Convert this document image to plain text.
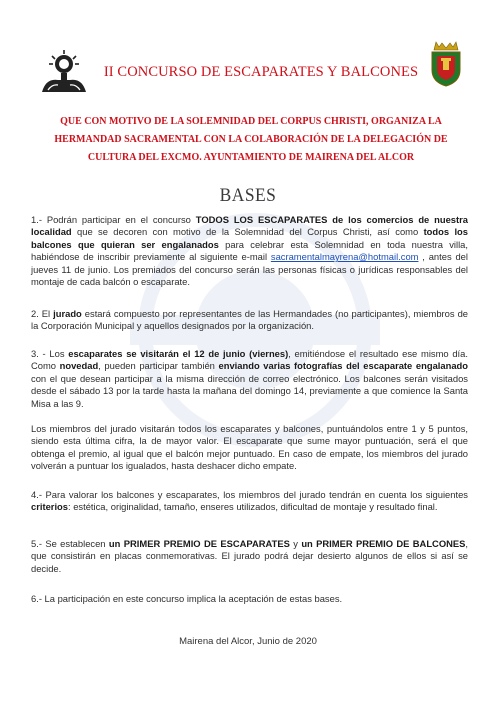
II CONCURSO DE ESCAPARATES Y BALCONES
QUE CON MOTIVO DE LA SOLEMNIDAD DEL CORPUS CHRISTI, ORGANIZA LA
HERMANDAD SACRAMENTAL CON LA COLABORACIÓN DE LA DELEGACIÓN DE
CULTURA DEL EXCMO. AYUNTAMIENTO DE MAIRENA DEL ALCOR
BASES
1.- Podrán participar en el concurso TODOS LOS ESCAPARATES de los comercios de nuestra localidad que se decoren con motivo de la Solemnidad del Corpus Christi, así como todos los balcones que quieran ser engalanados para celebrar esta Solemnidad en toda nuestra villa, habiéndose de inscribir previamente al siguiente e-mail sacramentalmayrena@hotmail.com , antes del jueves 11 de junio. Los premiados del concurso serán las personas físicas o jurídicas responsables del montaje de cada balcón o escaparate.
2. El jurado estará compuesto por representantes de las Hermandades (no participantes), miembros de la Corporación Municipal y aquellos designados por la organización.
3. - Los escaparates se visitarán el 12 de junio (viernes), emitiéndose el resultado ese mismo día. Como novedad, pueden participar también enviando varias fotografías del escaparate engalanado con el que desean participar a la misma dirección de correo electrónico. Los balcones serán visitados desde el sábado 13 por la tarde hasta la mañana del domingo 14, previamente a que comience la Santa Misa a las 9.
Los miembros del jurado visitarán todos los escaparates y balcones, puntuándolos entre 1 y 5 puntos, siendo esta última cifra, la de mayor valor. El escaparate que sume mayor puntuación, será el que obtenga el premio, al igual que el balcón mejor puntuado. En caso de empate, los miembros del jurado volverán a puntuar los igualados, hasta deshacer dicho empate.
4.- Para valorar los balcones y escaparates, los miembros del jurado tendrán en cuenta los siguientes criterios: estética, originalidad, tamaño, enseres utilizados, dificultad de montaje y resultado final.
5.- Se establecen un PRIMER PREMIO DE ESCAPARATES y un PRIMER PREMIO DE BALCONES, que consistirán en placas conmemorativas. El jurado podrá dejar desierto algunos de ellos si así se decide.
6.- La participación en este concurso implica la aceptación de estas bases.
Mairena del Alcor, Junio de 2020
